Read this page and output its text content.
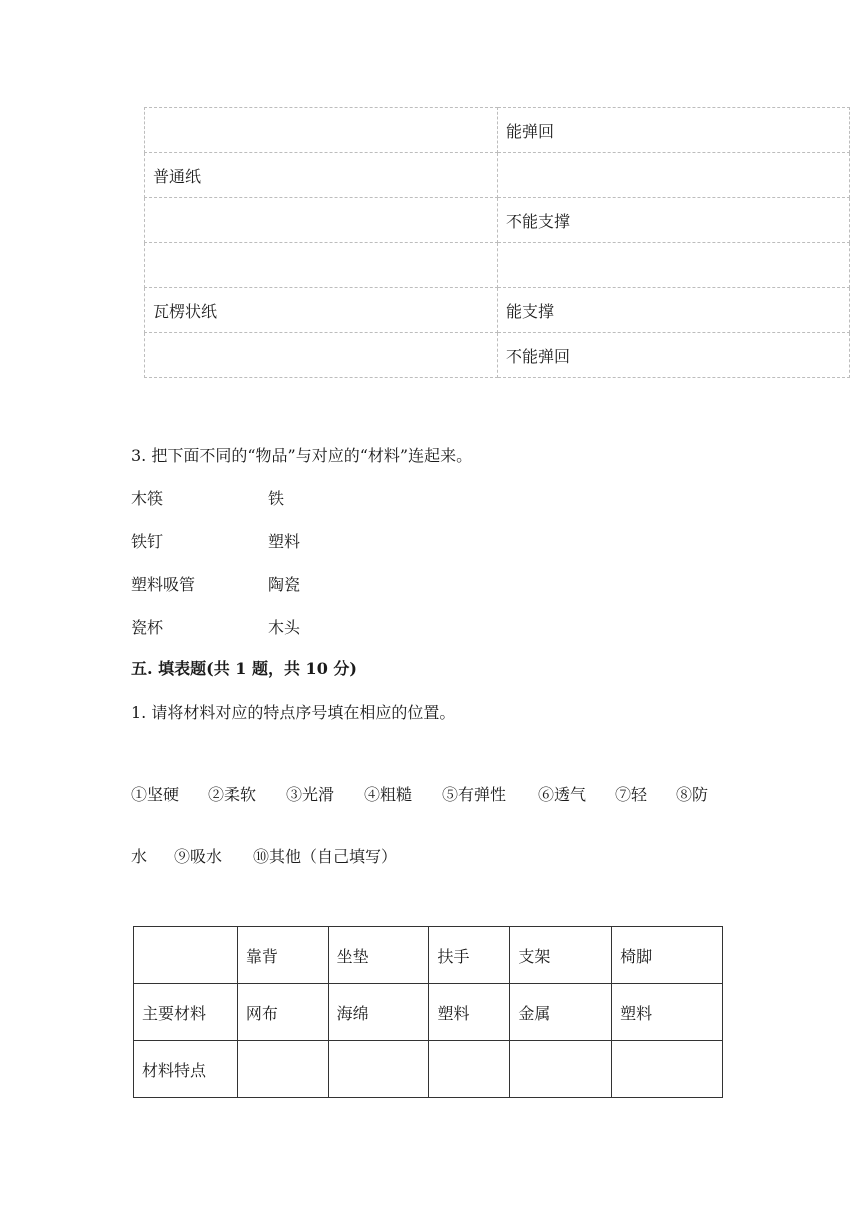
	能弹回
普通纸	
	不能支撑

瓦楞状纸	能支撑
	不能弹回
3. 把下面不同的“物品”与对应的“材料”连起来。
木筷	铁
铁钉	塑料
塑料吸管	陶瓷
瓷杯	木头
五. 填表题(共 1 题，共 10 分)
1. 请将材料对应的特点序号填在相应的位置。
①坚硬 ②柔软 ③光滑 ④粗糙 ⑤有弹性 ⑥透气 ⑦轻 ⑧防
水 ⑨吸水 ⑩其他（自己填写）
	靠背	坐垫	扶手	支架	椅脚
主要材料	网布	海绵	塑料	金属	塑料
材料特点					
